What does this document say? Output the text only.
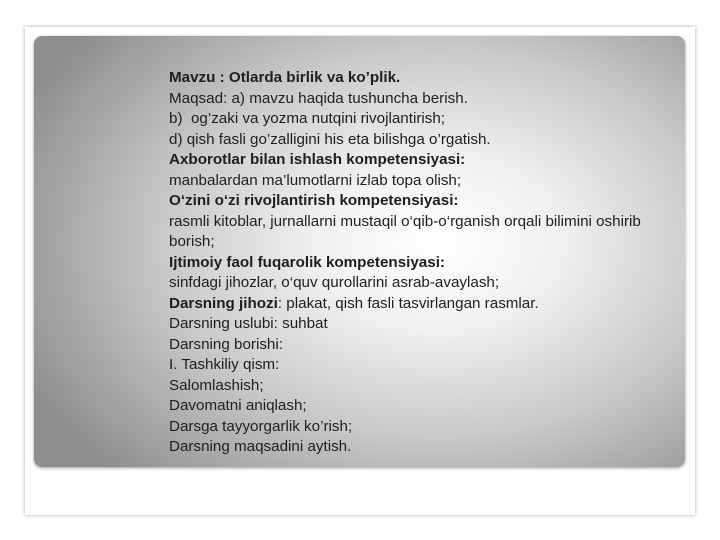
Mavzu : Otlarda birlik va ko’plik.
Maqsad: a) mavzu haqida tushuncha berish.
b)  og’zaki va yozma nutqini rivojlantirish;
d) qish fasli go’zalligini his eta bilishga o’rgatish.
Axborotlar bilan ishlash kompetensiyasi:
manbalardan ma’lumotlarni izlab topa olish;
O‘zini o‘zi rivojlantirish kompetensiyasi:
rasmli kitoblar, jurnallarni mustaqil o‘qib-o‘rganish orqali bilimini oshirib borish;
Ijtimoiy faol fuqarolik kompetensiyasi:
sinfdagi jihozlar, o‘quv qurollarini asrab-avaylash;
Darsning jihozi: plakat, qish fasli tasvirlangan rasmlar.
Darsning uslubi: suhbat
Darsning borishi:
I. Tashkiliy qism:
Salomlashish;
Davomatni aniqlash;
Darsga tayyorgarlik ko’rish;
Darsning maqsadini aytish.
